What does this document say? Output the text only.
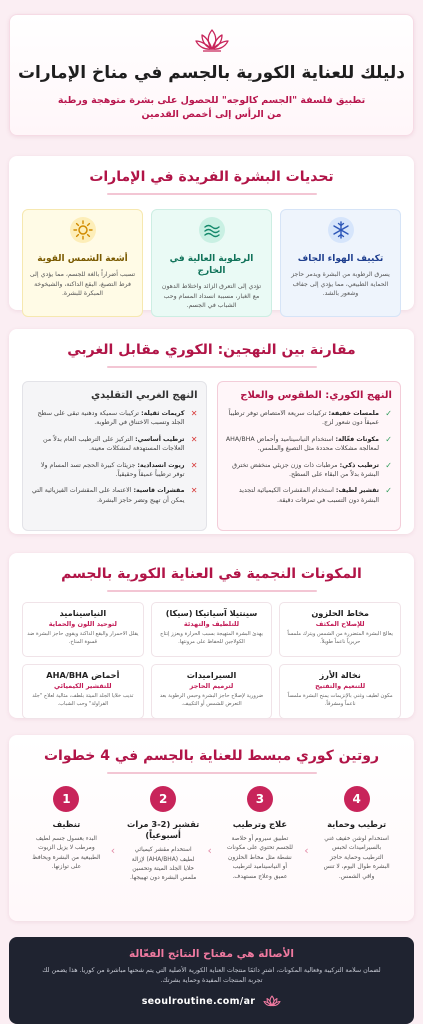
دليلك للعناية الكورية بالجسم في مناخ الإمارات

تطبيق فلسفة "الجسم كالوجه" للحصول على بشرة متوهجة ورطبة من الرأس إلى أخمص القدمين

تحديات البشرة الفريدة في الإمارات
تكييف الهواء الجاف

يسرق الرطوبة من البشرة ويدمر حاجز الحماية الطبيعي، مما يؤدي إلى جفاف وشعور بالشد.

الرطوبة العالية في الخارج

تؤدي إلى التعرق الزائد واختلاط الدهون مع الغبار، مسببة انسداد المسام وحب الشباب في الجسم.

أشعة الشمس القوية

تسبب أضراراً بالغة للجسم، مما يؤدي إلى فرط التصبغ، البقع الداكنة، والشيخوخة المبكرة للبشرة.

مقارنة بين النهجين: الكوري مقابل الغربي
النهج الكوري: الطقوس والعلاج
✓

ملمسات خفيفة: تركيبات سريعة الامتصاص توفر ترطيباً عميقاً دون شعور لزج.

✓

مكونات فعّالة: استخدام النياسيناميد وأحماض AHA/BHA لمعالجة مشكلات محددة مثل التصبغ والملمس.

✓

ترطيب ذكي: مرطبات ذات وزن جزيئي منخفض تخترق البشرة بدلاً من البقاء على السطح.

✓

تقشير لطيف: استخدام المقشرات الكيميائية لتجديد البشرة دون التسبب في تمزقات دقيقة.

النهج الغربي التقليدي
✕

كريمات ثقيلة: تركيبات سميكة ودهنية تبقى على سطح الجلد وتسبب الاختناق في الرطوبة.

✕

ترطيب أساسي: التركيز على الترطيب العام بدلاً من العلاجات المستهدفة لمشكلات معينة.

✕

ريوت انسدادية: جزيئات كبيرة الحجم تسد المسام ولا توفر ترطيباً عميقاً وحقيقياً.

✕

مقشرات قاسية: الاعتماد على المقشرات الفيزيائية التي يمكن أن تهيج وتضر حاجز البشرة.

المكونات النجمية في العناية الكورية بالجسم
مخاط الحلزون
للإصلاح المكثف

يعالج البشرة المتضررة من الشمس ويترك ملمساً حريرياً ناعماً طويلاً.

سينتيلا آسياتيكا (سيكا)
للتلطيف والتهدئة

يهدئ البشرة المتهيجة بسبب الحرارة ويعزز إنتاج الكولاجين للحفاظ على مرونتها.

النياسيناميد
لتوحيد اللون والحماية

يقلل الاحمرار والبقع الداكنة ويقوي حاجز البشرة ضد قسوة المناخ.

نخالة الأرز
للتنعيم والتفتيح

مكون لطيف وغني بالإنزيمات يمنح البشرة ملمساً ناعماً ومشرقاً.

السيراميدات
لترميم الحاجز

ضرورية لإصلاح حاجز البشرة وحبس الرطوبة بعد التعرض للشمس أو التكييف.

أحماض AHA/BHA
للتقشير الكيميائي

تذيب خلايا الجلد الميتة بلطف، مثالية لعلاج "جلد الفراولة" وحب الشباب.

روتين كوري مبسط للعناية بالجسم في 4 خطوات
1
تنظيف

البدء بغسول جسم لطيف ومرطب لا يزيل الزيوت الطبيعية من البشرة ويحافظ على توازنها.

‹
2
تقشير (2-3 مرات أسبوعياً)

استخدام مقشر كيميائي لطيف (AHA/BHA) لإزالة خلايا الجلد الميتة وتحسين ملمس البشرة دون تهييجها.

‹
3
علاج وترطيب

تطبيق سيروم أو خلاصة للجسم تحتوي على مكونات نشطة مثل مخاط الحلزون أو النياسيناميد لترطيب عميق وعلاج مستهدف.

‹
4
ترطيب وحماية

استخدام لوشن خفيف غني بالسيراميدات لحبس الترطيب وحماية حاجز البشرة طوال اليوم، لا تنس واقي الشمس.

الأصالة هي مفتاح النتائج الفعّالة

لضمان سلامة التركيبة وفعالية المكونات، اشترِ دائمًا منتجات العناية الكورية الأصلية التي يتم شحنها مباشرة من كوريا. هذا يضمن لك تجربة المنتجات المفيدة وحماية بشرتك.

seoulroutine.com/ar
